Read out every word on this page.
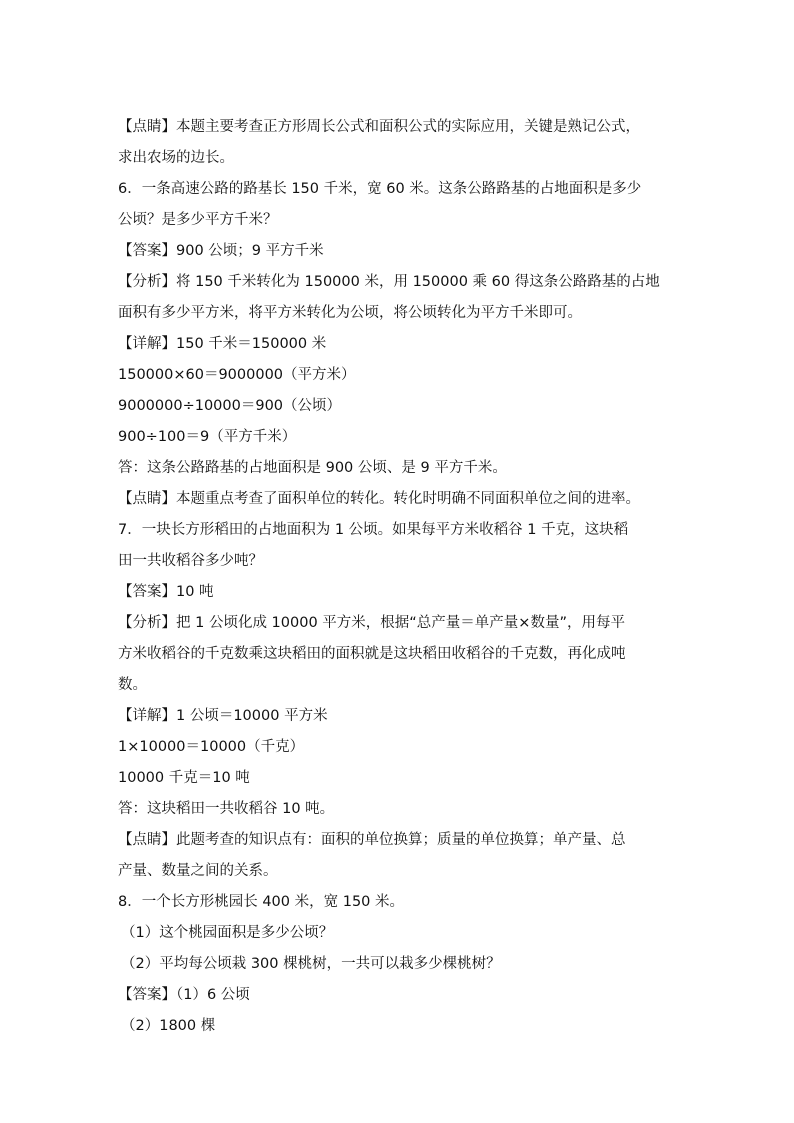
【点睛】本题主要考查正方形周长公式和面积公式的实际应用，关键是熟记公式，
求出农场的边长。
6．一条高速公路的路基长 150 千米，宽 60 米。这条公路路基的占地面积是多少
公顷？是多少平方千米？
【答案】900 公顷；9 平方千米
【分析】将 150 千米转化为 150000 米，用 150000 乘 60 得这条公路路基的占地
面积有多少平方米，将平方米转化为公顷，将公顷转化为平方千米即可。
【详解】150 千米＝150000 米
150000×60＝9000000（平方米）
9000000÷10000＝900（公顷）
900÷100＝9（平方千米）
答：这条公路路基的占地面积是 900 公顷、是 9 平方千米。
【点睛】本题重点考查了面积单位的转化。转化时明确不同面积单位之间的进率。
7．一块长方形稻田的占地面积为 1 公顷。如果每平方米收稻谷 1 千克，这块稻
田一共收稻谷多少吨？
【答案】10 吨
【分析】把 1 公顷化成 10000 平方米，根据“总产量＝单产量×数量”，用每平
方米收稻谷的千克数乘这块稻田的面积就是这块稻田收稻谷的千克数，再化成吨
数。
【详解】1 公顷＝10000 平方米
1×10000＝10000（千克）
10000 千克＝10 吨
答：这块稻田一共收稻谷 10 吨。
【点睛】此题考查的知识点有：面积的单位换算；质量的单位换算；单产量、总
产量、数量之间的关系。
8．一个长方形桃园长 400 米，宽 150 米。
（1）这个桃园面积是多少公顷？
（2）平均每公顷栽 300 棵桃树，一共可以栽多少棵桃树？
【答案】（1）6 公顷
（2）1800 棵
